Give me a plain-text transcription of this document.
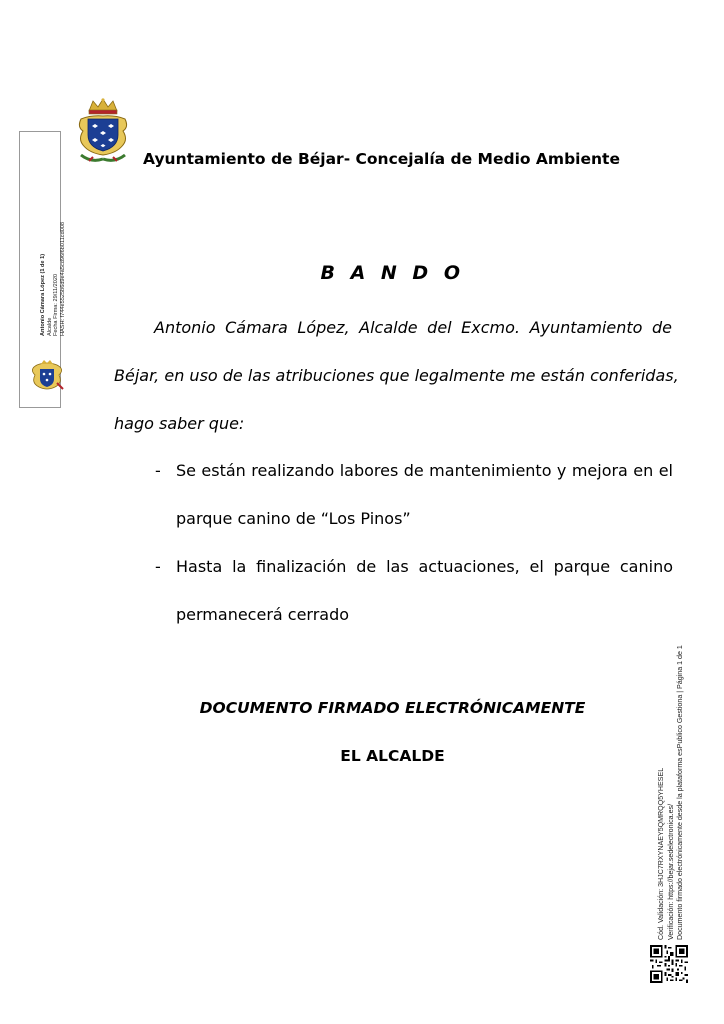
Ayuntamiento de Béjar- Concejalía de Medio Ambiente
B A N D O
Antonio Cámara López, Alcalde del Excmo. Ayuntamiento de
Béjar, en uso de las atribuciones que legalmente me están conferidas,
hago saber que:
- Se están realizando labores de mantenimiento y mejora en el
parque canino de “Los Pinos”
- Hasta la finalización de las actuaciones, el parque canino
permanecerá cerrado
DOCUMENTO FIRMADO ELECTRÓNICAMENTE
EL ALCALDE
Antonio Cámara López (1 de 1) Alcalde Fecha Firma: 29/11/2020 HASH: f744e5525b6d9e4a5cd96f6b011cd008
Cód. Validación: 3HJC7RXYNAEY5QMRQQ5YHESEL Verificación: https://bejar.sedelectronica.es/ Documento firmado electrónicamente desde la plataforma esPublico Gestiona | Página 1 de 1
